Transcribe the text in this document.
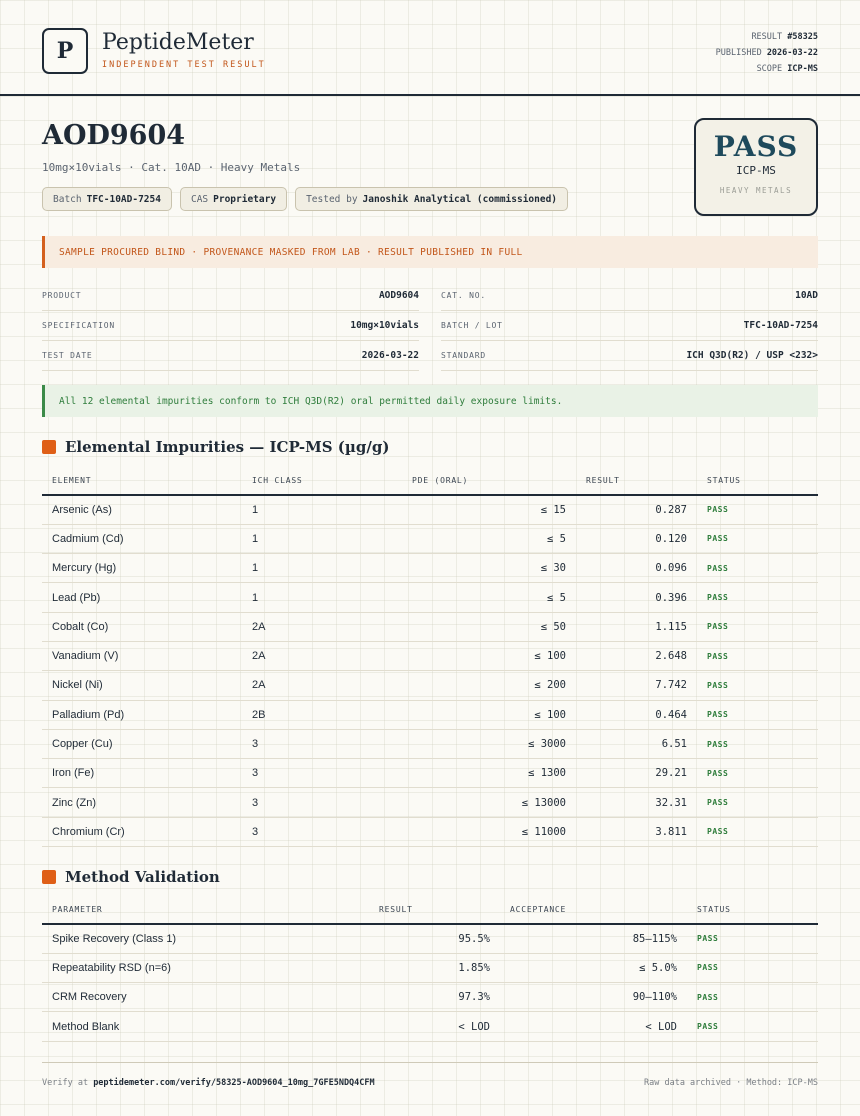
P	PeptideMeter
INDEPENDENT TEST RESULT
RESULT #58325
PUBLISHED 2026-03-22
SCOPE ICP-MS
AOD9604
10mg×10vials · Cat. 10AD · Heavy Metals
Batch TFC-10AD-7254	CAS Proprietary	Tested by Janoshik Analytical (commissioned)
PASS
ICP-MS
HEAVY METALS
SAMPLE PROCURED BLIND · PROVENANCE MASKED FROM LAB · RESULT PUBLISHED IN FULL
PRODUCT	AOD9604	CAT. NO.	10AD
SPECIFICATION	10mg×10vials	BATCH / LOT	TFC-10AD-7254
TEST DATE	2026-03-22	STANDARD	ICH Q3D(R2) / USP <232>
All 12 elemental impurities conform to ICH Q3D(R2) oral permitted daily exposure limits.
Elemental Impurities — ICP-MS (µg/g)
ELEMENT	ICH CLASS	PDE (ORAL)	RESULT	STATUS
Arsenic (As)	1	≤ 15	0.287	PASS
Cadmium (Cd)	1	≤ 5	0.120	PASS
Mercury (Hg)	1	≤ 30	0.096	PASS
Lead (Pb)	1	≤ 5	0.396	PASS
Cobalt (Co)	2A	≤ 50	1.115	PASS
Vanadium (V)	2A	≤ 100	2.648	PASS
Nickel (Ni)	2A	≤ 200	7.742	PASS
Palladium (Pd)	2B	≤ 100	0.464	PASS
Copper (Cu)	3	≤ 3000	6.51	PASS
Iron (Fe)	3	≤ 1300	29.21	PASS
Zinc (Zn)	3	≤ 13000	32.31	PASS
Chromium (Cr)	3	≤ 11000	3.811	PASS
Method Validation
PARAMETER	RESULT	ACCEPTANCE	STATUS
Spike Recovery (Class 1)	95.5%	85–115%	PASS
Repeatability RSD (n=6)	1.85%	≤ 5.0%	PASS
CRM Recovery	97.3%	90–110%	PASS
Method Blank	< LOD	< LOD	PASS
Verify at peptidemeter.com/verify/58325-AOD9604_10mg_7GFE5NDQ4CFM	Raw data archived · Method: ICP-MS
